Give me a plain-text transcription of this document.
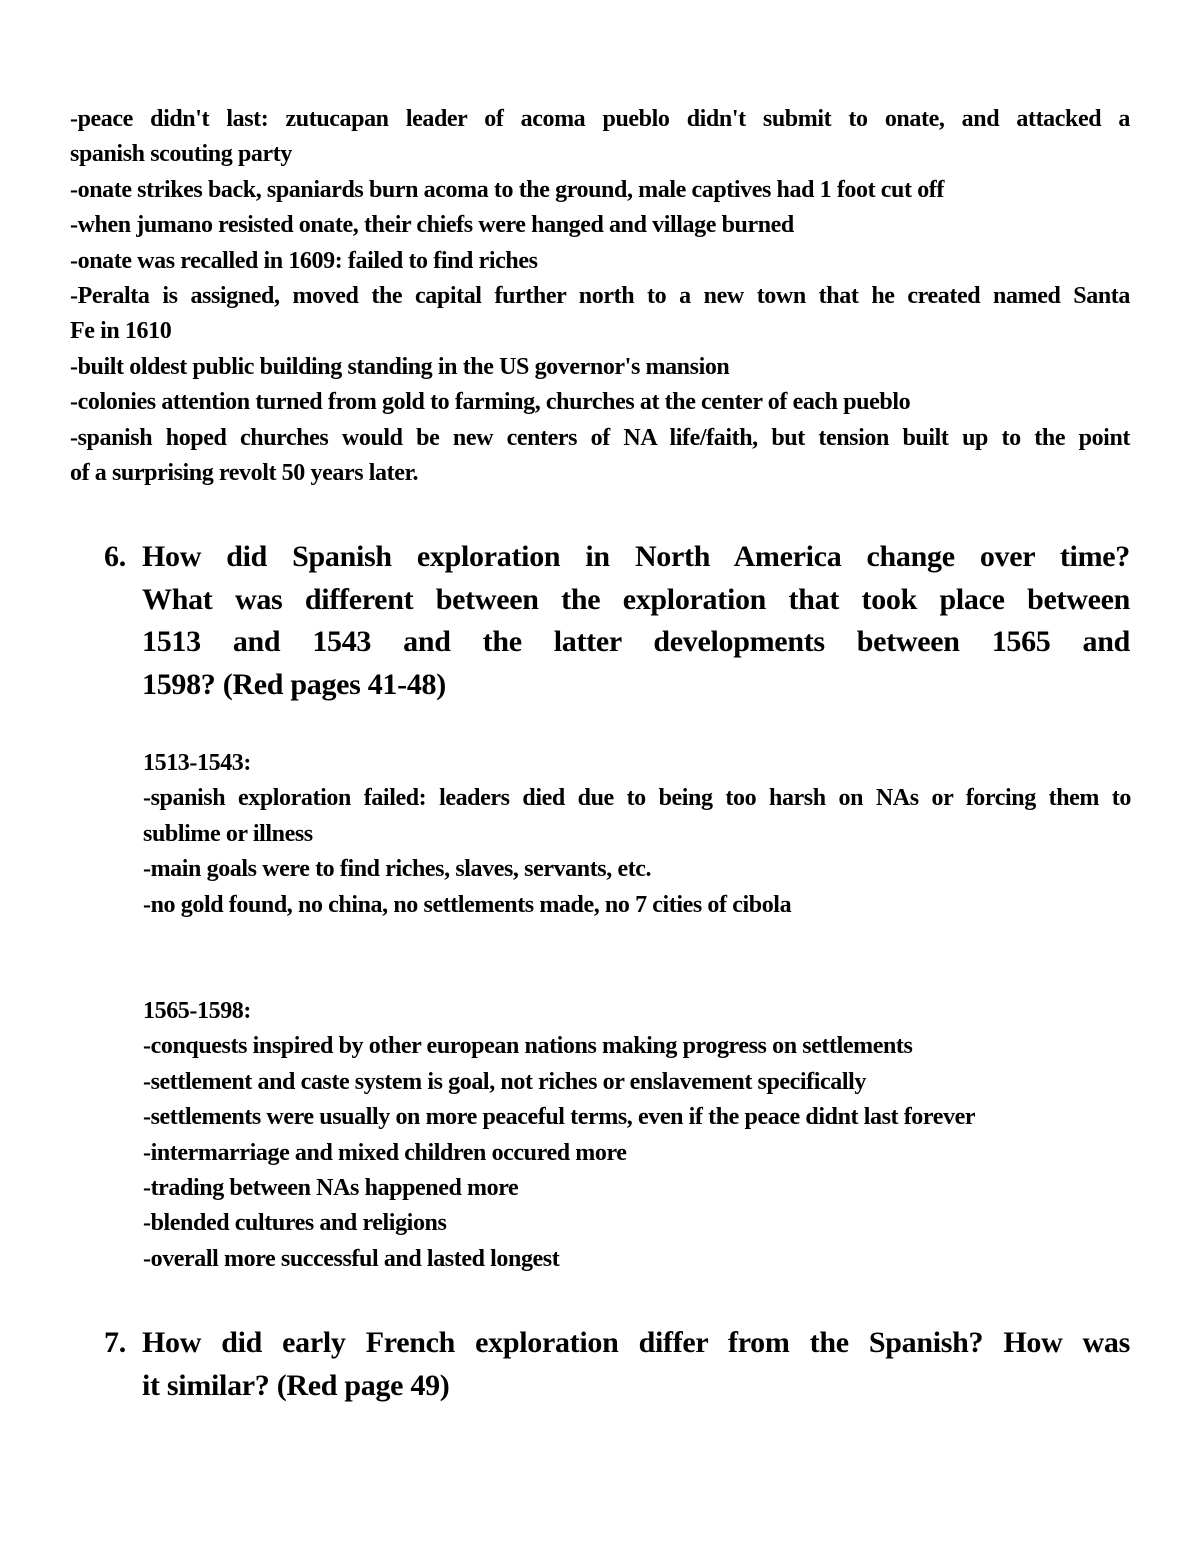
-peace didn't last: zutucapan leader of acoma pueblo didn't submit to onate, and attacked a
spanish scouting party
-onate strikes back, spaniards burn acoma to the ground, male captives had 1 foot cut off
-when jumano resisted onate, their chiefs were hanged and village burned
-onate was recalled in 1609: failed to find riches
-Peralta is assigned, moved the capital further north to a new town that he created named Santa
Fe in 1610
-built oldest public building standing in the US governor's mansion
-colonies attention turned from gold to farming, churches at the center of each pueblo
-spanish hoped churches would be new centers of NA life/faith, but tension built up to the point
of a surprising revolt 50 years later.
6. How did Spanish exploration in North America change over time?
What was different between the exploration that took place between
1513 and 1543 and the latter developments between 1565 and
1598? (Red pages 41-48)
1513-1543:
-spanish exploration failed: leaders died due to being too harsh on NAs or forcing them to
sublime or illness
-main goals were to find riches, slaves, servants, etc.
-no gold found, no china, no settlements made, no 7 cities of cibola
1565-1598:
-conquests inspired by other european nations making progress on settlements
-settlement and caste system is goal, not riches or enslavement specifically
-settlements were usually on more peaceful terms, even if the peace didnt last forever
-intermarriage and mixed children occured more
-trading between NAs happened more
-blended cultures and religions
-overall more successful and lasted longest
7. How did early French exploration differ from the Spanish? How was
it similar? (Red page 49)
